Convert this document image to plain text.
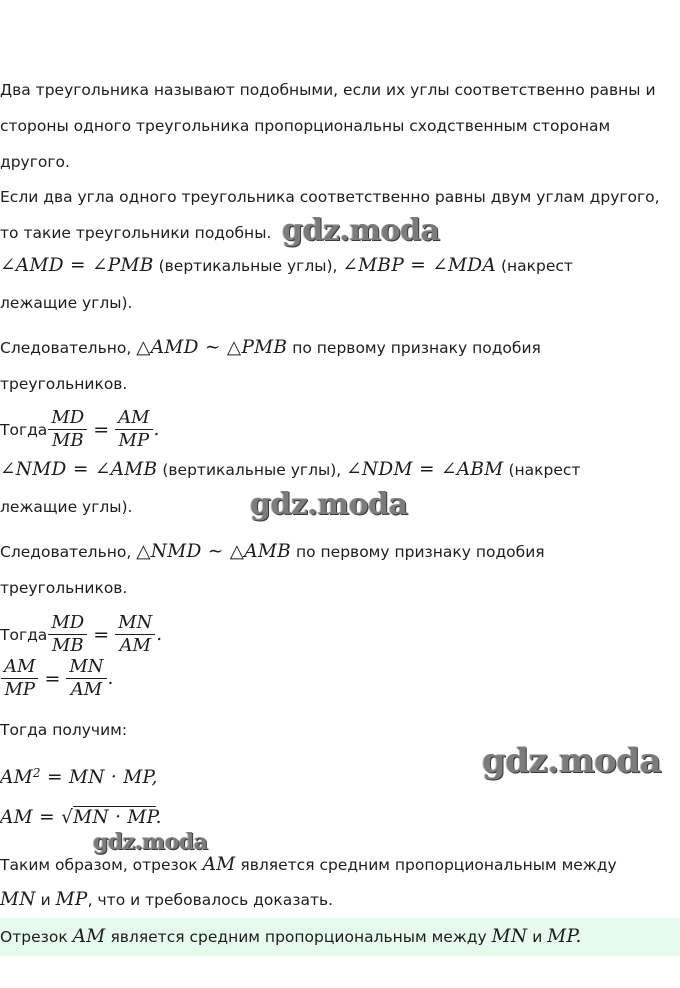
Два треугольника называют подобными, если их углы соответственно равны и
стороны одного треугольника пропорциональны сходственным сторонам
другого.
Если два угла одного треугольника соответственно равны двум углам другого,
то такие треугольники подобны.
∠AMD = ∠PMB (вертикальные углы), ∠MBP = ∠MDA (накрест
лежащие углы).
Следовательно, △AMD ∼ △PMB по первому признаку подобия
треугольников.
Тогда $\frac{MD}{MB} = \frac{AM}{MP}$ .
∠NMD = ∠AMB (вертикальные углы), ∠NDM = ∠ABM (накрест
лежащие углы).
Следовательно, △NMD ∼ △AMB по первому признаку подобия
треугольников.
Тогда $\frac{MD}{MB} = \frac{MN}{AM}$ .
$\frac{AM}{MP} = \frac{MN}{AM}$ .
Тогда получим:
$AM^2$ = MN · MP,
AM = √MN · MP.
Таким образом, отрезок AM является средним пропорциональным между
MN и MP, что и требовалось доказать.
Отрезок AM является средним пропорциональным между MN и MP.
gdz.moda
gdz.moda
gdz.moda
gdz.moda
